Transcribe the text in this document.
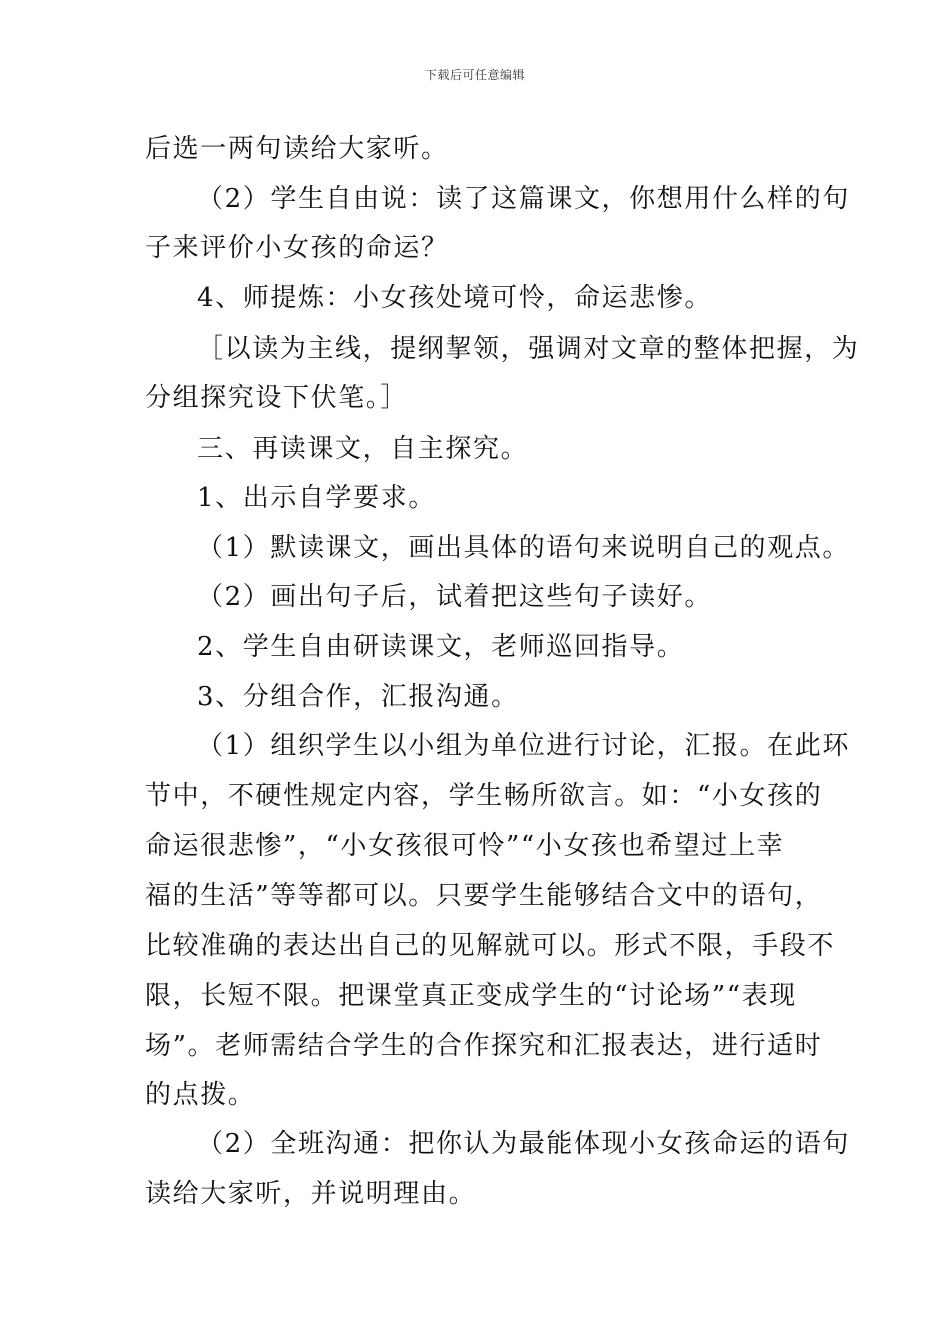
下载后可任意编辑
后选一两句读给大家听。
（2）学生自由说：读了这篇课文，你想用什么样的句
子来评价小女孩的命运？
4、师提炼：小女孩处境可怜，命运悲惨。
［以读为主线，提纲挈领，强调对文章的整体把握，为
分组探究设下伏笔。］
三、再读课文，自主探究。
1、出示自学要求。
（1）默读课文，画出具体的语句来说明自己的观点。
（2）画出句子后，试着把这些句子读好。
2、学生自由研读课文，老师巡回指导。
3、分组合作，汇报沟通。
（1）组织学生以小组为单位进行讨论，汇报。在此环
节中，不硬性规定内容，学生畅所欲言。如：“小女孩的
命运很悲惨”，“小女孩很可怜”“小女孩也希望过上幸
福的生活”等等都可以。只要学生能够结合文中的语句，
比较准确的表达出自己的见解就可以。形式不限，手段不
限，长短不限。把课堂真正变成学生的“讨论场”“表现
场”。老师需结合学生的合作探究和汇报表达，进行适时
的点拨。
（2）全班沟通：把你认为最能体现小女孩命运的语句
读给大家听，并说明理由。
